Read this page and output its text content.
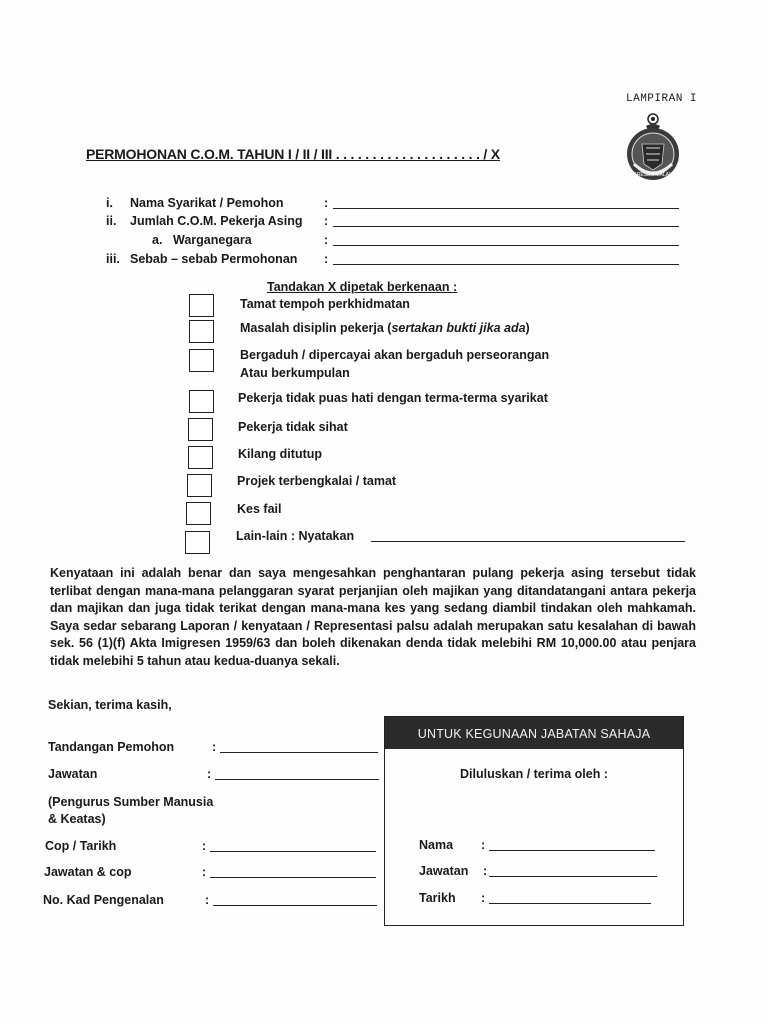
LAMPIRAN I
IMIGRESEN MALAYSIA
PERMOHONAN C.O.M. TAHUN I / II / III . . . . . . . . . . . . . . . . . . . . / X
i. Nama Syarikat / Pemohon	:
ii. Jumlah C.O.M. Pekerja Asing :
a. Warganegara	:
iii. Sebab – sebab Permohonan :
Tandakan X dipetak berkenaan :
Tamat tempoh perkhidmatan
Masalah disiplin pekerja (sertakan bukti jika ada)
Bergaduh / dipercayai akan bergaduh perseorangan
Atau berkumpulan
Pekerja tidak puas hati dengan terma-terma syarikat
Pekerja tidak sihat
Kilang ditutup
Projek terbengkalai / tamat
Kes fail
Lain-lain : Nyatakan
Kenyataan ini adalah benar dan saya mengesahkan penghantaran pulang pekerja asing tersebut tidak terlibat dengan mana-mana pelanggaran syarat perjanjian oleh majikan yang ditandatangani antara pekerja dan majikan dan juga tidak terikat dengan mana-mana kes yang sedang diambil tindakan oleh mahkamah. Saya sedar sebarang Laporan / kenyataan / Representasi palsu adalah merupakan satu kesalahan di bawah sek. 56 (1)(f) Akta Imigresen 1959/63 dan boleh dikenakan denda tidak melebihi RM 10,000.00 atau penjara tidak melebihi 5 tahun atau kedua-duanya sekali.
Sekian, terima kasih,
Tandangan Pemohon	:
Jawatan	:
(Pengurus Sumber Manusia
& Keatas)
Cop / Tarikh	:
Jawatan & cop	:
No. Kad Pengenalan	:
UNTUK KEGUNAAN JABATAN SAHAJA
Diluluskan / terima oleh :
Nama :
Jawatan :
Tarikh :
